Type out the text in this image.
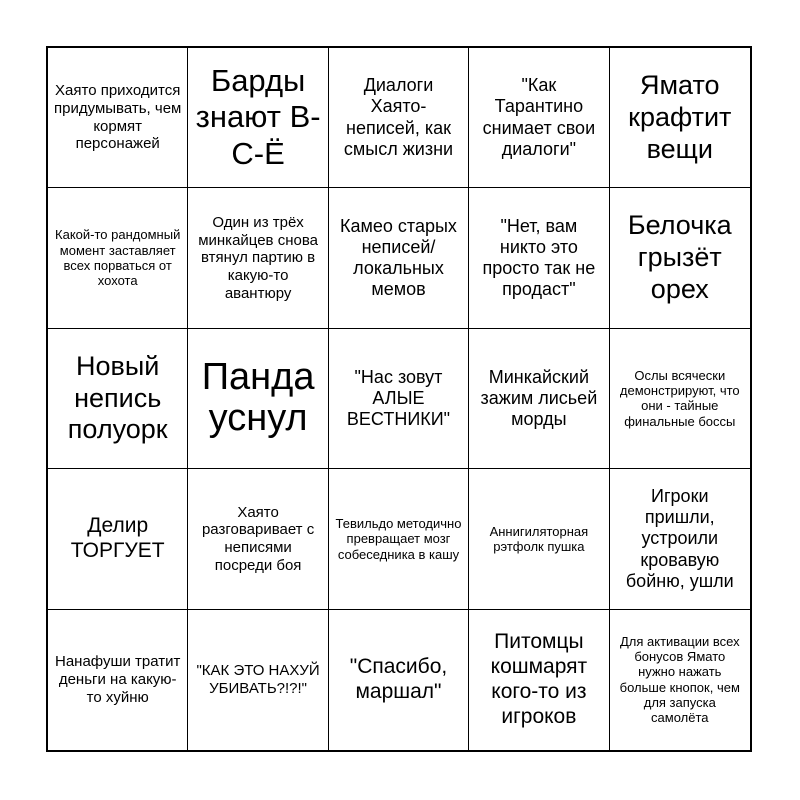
Хаято приходится придумывать, чем кормят персонажей
Барды знают В-С-Ё
Диалоги Хаято-неписей, как смысл жизни
"Как Тарантино снимает свои диалоги"
Ямато крафтит вещи
Какой-то рандомный момент заставляет всех порваться от хохота
Один из трёх минкайцев снова втянул партию в какую-то авантюру
Камео старых неписей/ локальных мемов
"Нет, вам никто это просто так не продаст"
Белочка грызёт орех
Новый непись полуорк
Панда уснул
"Нас зовут АЛЫЕ ВЕСТНИКИ"
Минкайский зажим лисьей морды
Ослы всячески демонстрируют, что они - тайные финальные боссы
Делир ТОРГУЕТ
Хаято разговаривает с неписями посреди боя
Тевильдо методично превращает мозг собеседника в кашу
Аннигиляторная рэтфолк пушка
Игроки пришли, устроили кровавую бойню, ушли
Нанафуши тратит деньги на какую-то хуйню
"КАК ЭТО НАХУЙ УБИВАТЬ?!?!"
"Спасибо, маршал"
Питомцы кошмарят кого-то из игроков
Для активации всех бонусов Ямато нужно нажать больше кнопок, чем для запуска самолёта
